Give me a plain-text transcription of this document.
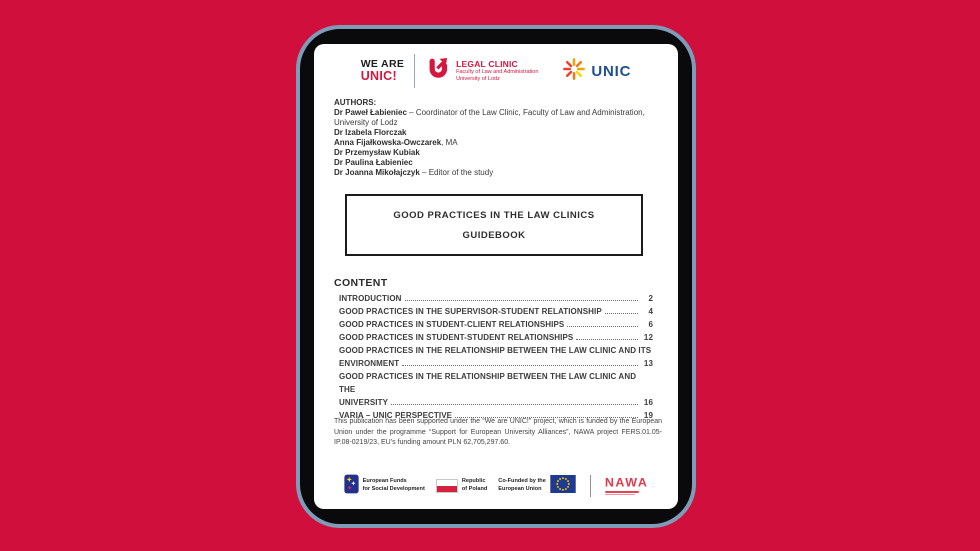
WE ARE
UNIC!
LEGAL CLINIC
Faculty of Law and Administration
University of Lodz	UNIC
AUTHORS:
Dr Paweł Łabieniec – Coordinator of the Law Clinic, Faculty of Law and Administration, University of Lodz
Dr Izabela Florczak
Anna Fijałkowska-Owczarek, MA
Dr Przemysław Kubiak
Dr Paulina Łabieniec
Dr Joanna Mikołajczyk – Editor of the study
GOOD PRACTICES IN THE LAW CLINICS
GUIDEBOOK
CONTENT
INTRODUCTION	2
GOOD PRACTICES IN THE SUPERVISOR-STUDENT RELATIONSHIP	4
GOOD PRACTICES IN STUDENT-CLIENT RELATIONSHIPS	6
GOOD PRACTICES IN STUDENT-STUDENT RELATIONSHIPS	12
GOOD PRACTICES IN THE RELATIONSHIP BETWEEN THE LAW CLINIC AND ITS
ENVIRONMENT	13
GOOD PRACTICES IN THE RELATIONSHIP BETWEEN THE LAW CLINIC AND THE
UNIVERSITY	16
VARIA – UNIC PERSPECTIVE	19
This publication has been supported under the “We are UNIC!” project, which is funded by the European Union under the programme “Support for European University Alliances”, NAWA project FERS.01.05-IP.08-0219/23, EU’s funding amount PLN 62,705,297.60.
European Funds
for Social Development
Republic
of Poland
Co-Funded by the
European Union	NAWA
